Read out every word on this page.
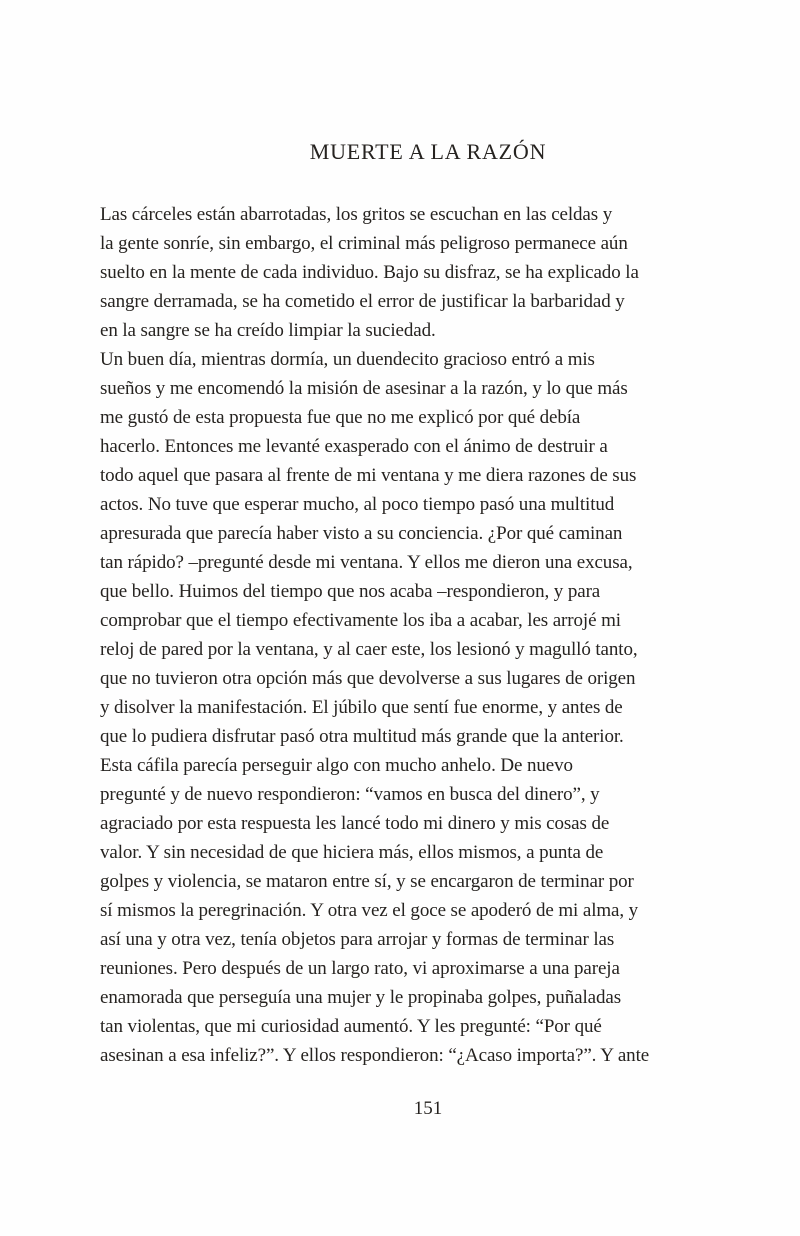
MUERTE A LA RAZÓN

Las cárceles están abarrotadas, los gritos se escuchan en las celdas y
la gente sonríe, sin embargo, el criminal más peligroso permanece aún
suelto en la mente de cada individuo. Bajo su disfraz, se ha explicado la
sangre derramada, se ha cometido el error de justificar la barbaridad y
en la sangre se ha creído limpiar la suciedad.

Un buen día, mientras dormía, un duendecito gracioso entró a mis
sueños y me encomendó la misión de asesinar a la razón, y lo que más
me gustó de esta propuesta fue que no me explicó por qué debía
hacerlo. Entonces me levanté exasperado con el ánimo de destruir a
todo aquel que pasara al frente de mi ventana y me diera razones de sus
actos. No tuve que esperar mucho, al poco tiempo pasó una multitud
apresurada que parecía haber visto a su conciencia. ¿Por qué caminan
tan rápido? –pregunté desde mi ventana. Y ellos me dieron una excusa,
que bello. Huimos del tiempo que nos acaba –respondieron, y para
comprobar que el tiempo efectivamente los iba a acabar, les arrojé mi
reloj de pared por la ventana, y al caer este, los lesionó y magulló tanto,
que no tuvieron otra opción más que devolverse a sus lugares de origen
y disolver la manifestación. El júbilo que sentí fue enorme, y antes de
que lo pudiera disfrutar pasó otra multitud más grande que la anterior.

Esta cáfila parecía perseguir algo con mucho anhelo. De nuevo
pregunté y de nuevo respondieron: “vamos en busca del dinero”, y
agraciado por esta respuesta les lancé todo mi dinero y mis cosas de
valor. Y sin necesidad de que hiciera más, ellos mismos, a punta de
golpes y violencia, se mataron entre sí, y se encargaron de terminar por
sí mismos la peregrinación. Y otra vez el goce se apoderó de mi alma, y
así una y otra vez, tenía objetos para arrojar y formas de terminar las
reuniones. Pero después de un largo rato, vi aproximarse a una pareja
enamorada que perseguía una mujer y le propinaba golpes, puñaladas
tan violentas, que mi curiosidad aumentó. Y les pregunté: “Por qué
asesinan a esa infeliz?”. Y ellos respondieron: “¿Acaso importa?”. Y ante

151
